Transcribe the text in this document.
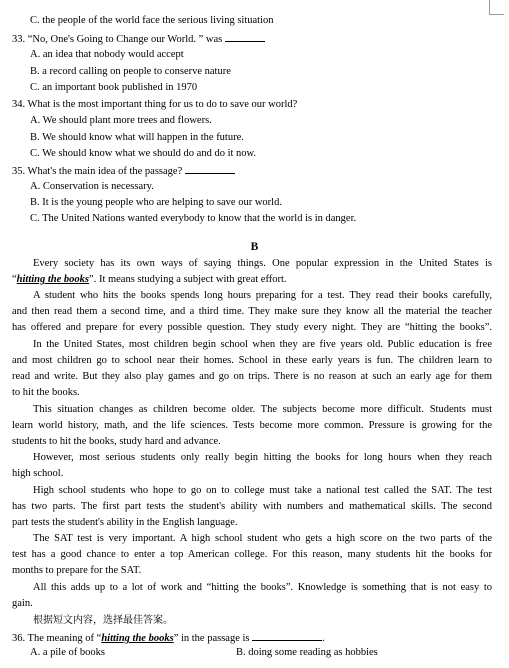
C. the people of the world face the serious living situation
33. “No, One's Going to Change our World. ” was
A. an idea that nobody would accept
B. a record calling on people to conserve nature
C. an important book published in 1970
34. What is the most important thing for us to do to save our world?
A. We should plant more trees and flowers.
B. We should know what will happen in the future.
C. We should know what we should do and do it now.
35. What's the main idea of the passage?
A. Conservation is necessary.
B. It is the young people who are helping to save our world.
C. The United Nations wanted everybody to know that the world is in danger.
B
Every society has its own ways of saying things. One popular expression in the United States is
“hitting the books”. It means studying a subject with great effort.
A student who hits the books spends long hours preparing for a test. They read their books carefully,
and then read them a second time, and a third time. They make sure they know all the material the teacher
has offered and prepare for every possible question. They study every night. They are “hitting the books”.
In the United States, most children begin school when they are five years old. Public education is free
and most children go to school near their homes. School in these early years is fun. The children learn to
read and write. But they also play games and go on trips. There is no reason at such an early age for them
to hit the books.
This situation changes as children become older. The subjects become more difficult. Students must
learn world history, math, and the life sciences. Tests become more common. Pressure is growing for the
students to hit the books, study hard and advance.
However, most serious students only really begin hitting the books for long hours when they reach
high school.
High school students who hope to go on to college must take a national test called the SAT. The test
has two parts. The first part tests the student's ability with numbers and mathematical skills. The second
part tests the student's ability in the English language.
The SAT test is very important. A high school student who gets a high score on the two parts of the
test has a good chance to enter a top American college. For this reason, many students hit the books for
months to prepare for the SAT.
All this adds up to a lot of work and “hitting the books”. Knowledge is something that is not easy to
gain.
根据短文内容，选择最佳答案。
36. The meaning of “hitting the books” in the passage is	.
A. a pile of books	B. doing some reading as hobbies
